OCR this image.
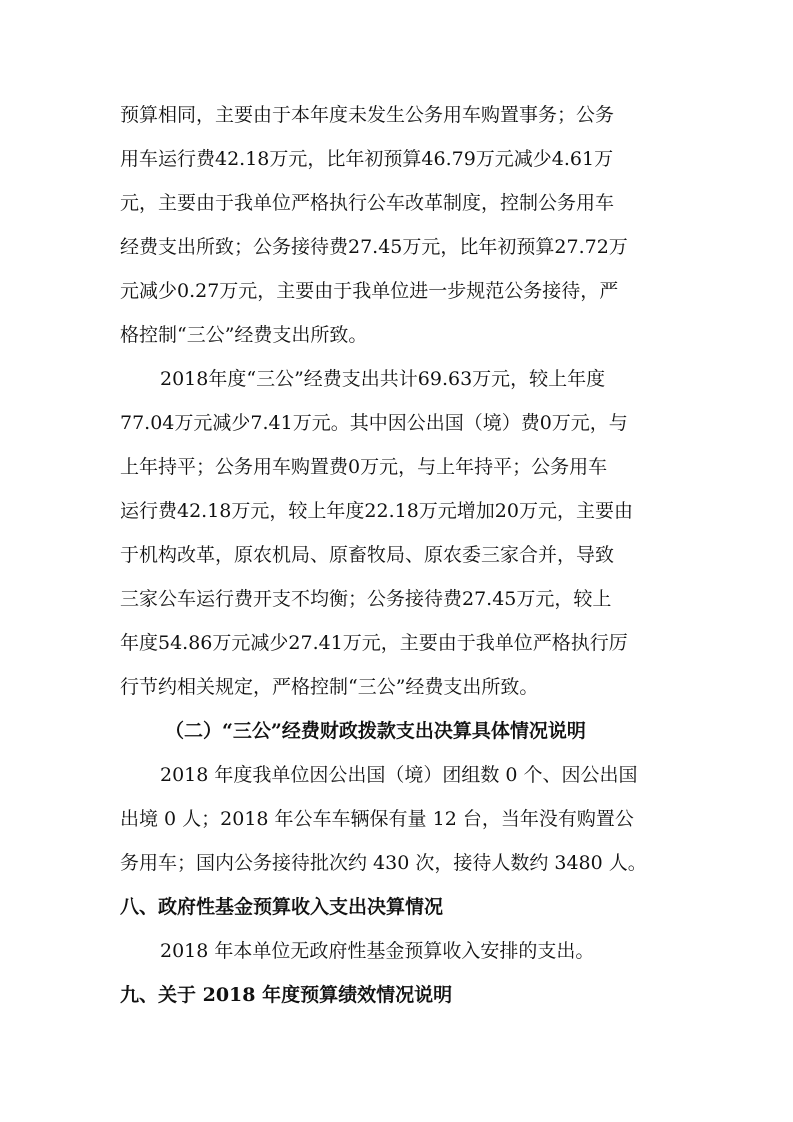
预算相同，主要由于本年度未发生公务用车购置事务；公务
用车运行费42.18万元，比年初预算46.79万元减少4.61万
元，主要由于我单位严格执行公车改革制度，控制公务用车
经费支出所致；公务接待费27.45万元，比年初预算27.72万
元减少0.27万元，主要由于我单位进一步规范公务接待，严
格控制“三公”经费支出所致。
2018年度“三公”经费支出共计69.63万元，较上年度
77.04万元减少7.41万元。其中因公出国（境）费0万元，与
上年持平；公务用车购置费0万元，与上年持平；公务用车
运行费42.18万元，较上年度22.18万元增加20万元，主要由
于机构改革，原农机局、原畜牧局、原农委三家合并，导致
三家公车运行费开支不均衡；公务接待费27.45万元，较上
年度54.86万元减少27.41万元，主要由于我单位严格执行厉
行节约相关规定，严格控制“三公”经费支出所致。
（二）“三公”经费财政拨款支出决算具体情况说明
2018 年度我单位因公出国（境）团组数 0 个、因公出国
出境 0 人；2018 年公车车辆保有量 12 台，当年没有购置公
务用车；国内公务接待批次约 430 次，接待人数约 3480 人。
八、政府性基金预算收入支出决算情况
2018 年本单位无政府性基金预算收入安排的支出。
九、关于 2018 年度预算绩效情况说明
